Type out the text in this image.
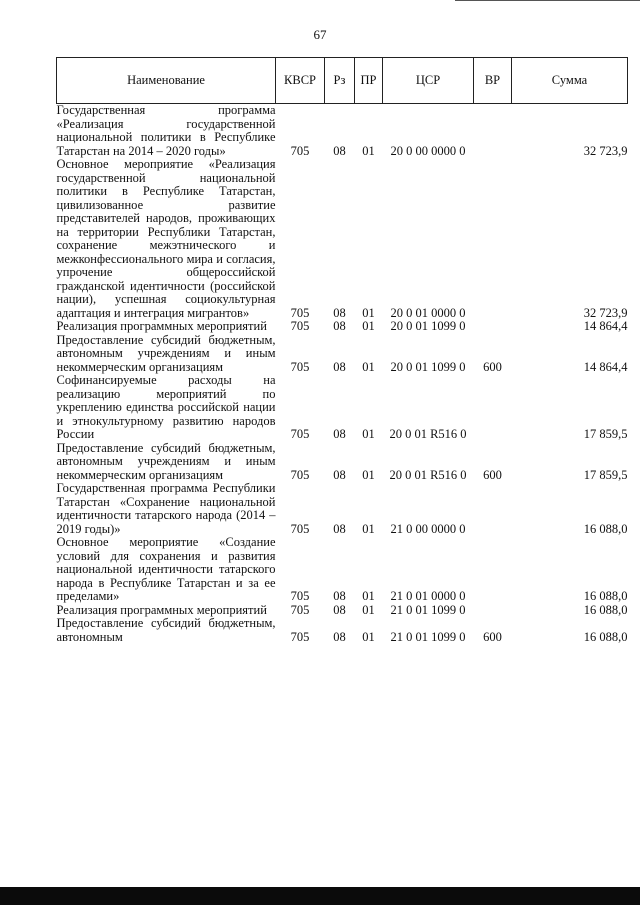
67
Наименование	КВСР	Рз	ПР	ЦСР	ВР	Сумма
Государственная программа «Реализация государственной национальной политики в Республике Татарстан на 2014 – 2020 годы»	705	08	01	20 0 00 0000 0		32 723,9
Основное мероприятие «Реализация государственной национальной политики в Республике Татарстан, цивилизованное развитие представителей народов, проживающих на территории Республики Татарстан, сохранение межэтнического и межконфессионального мира и согласия, упрочение общероссийской гражданской идентичности (российской нации), успешная социокультурная адаптация и интеграция мигрантов»	705	08	01	20 0 01 0000 0		32 723,9
Реализация программных мероприятий	705	08	01	20 0 01 1099 0		14 864,4
Предоставление субсидий бюджетным, автономным учреждениям и иным некоммерческим организациям	705	08	01	20 0 01 1099 0	600	14 864,4
Софинансируемые расходы на реализацию мероприятий по укреплению единства российской нации и этнокультурному развитию народов России	705	08	01	20 0 01 R516 0		17 859,5
Предоставление субсидий бюджетным, автономным учреждениям и иным некоммерческим организациям	705	08	01	20 0 01 R516 0	600	17 859,5
Государственная программа Республики Татарстан «Сохранение национальной идентичности татарского народа (2014 – 2019 годы)»	705	08	01	21 0 00 0000 0		16 088,0
Основное мероприятие «Создание условий для сохранения и развития национальной идентичности татарского народа в Республике Татарстан и за ее пределами»	705	08	01	21 0 01 0000 0		16 088,0
Реализация программных мероприятий	705	08	01	21 0 01 1099 0		16 088,0
Предоставление субсидий бюджетным, автономным	705	08	01	21 0 01 1099 0	600	16 088,0
